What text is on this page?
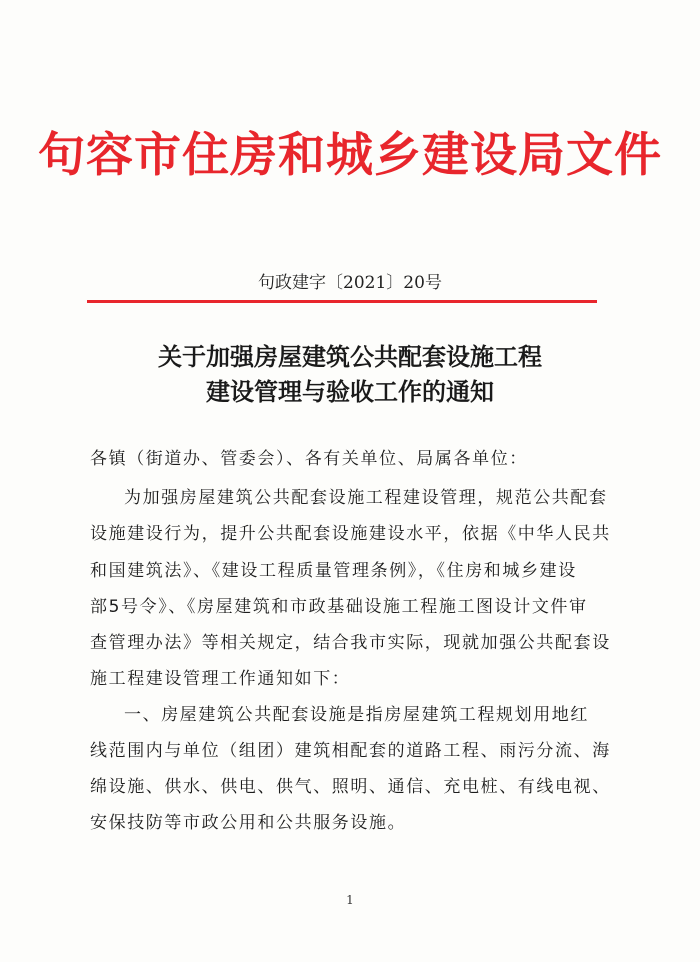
句容市住房和城乡建设局文件
句政建字〔2021〕20号
关于加强房屋建筑公共配套设施工程
建设管理与验收工作的通知
各镇（街道办、管委会）、各有关单位、局属各单位：
为加强房屋建筑公共配套设施工程建设管理，规范公共配套
设施建设行为，提升公共配套设施建设水平，依据《中华人民共
和国建筑法》、《建设工程质量管理条例》，《住房和城乡建设
部5号令》、《房屋建筑和市政基础设施工程施工图设计文件审
查管理办法》等相关规定，结合我市实际，现就加强公共配套设
施工程建设管理工作通知如下：
一、房屋建筑公共配套设施是指房屋建筑工程规划用地红
线范围内与单位（组团）建筑相配套的道路工程、雨污分流、海
绵设施、供水、供电、供气、照明、通信、充电桩、有线电视、
安保技防等市政公用和公共服务设施。
1
